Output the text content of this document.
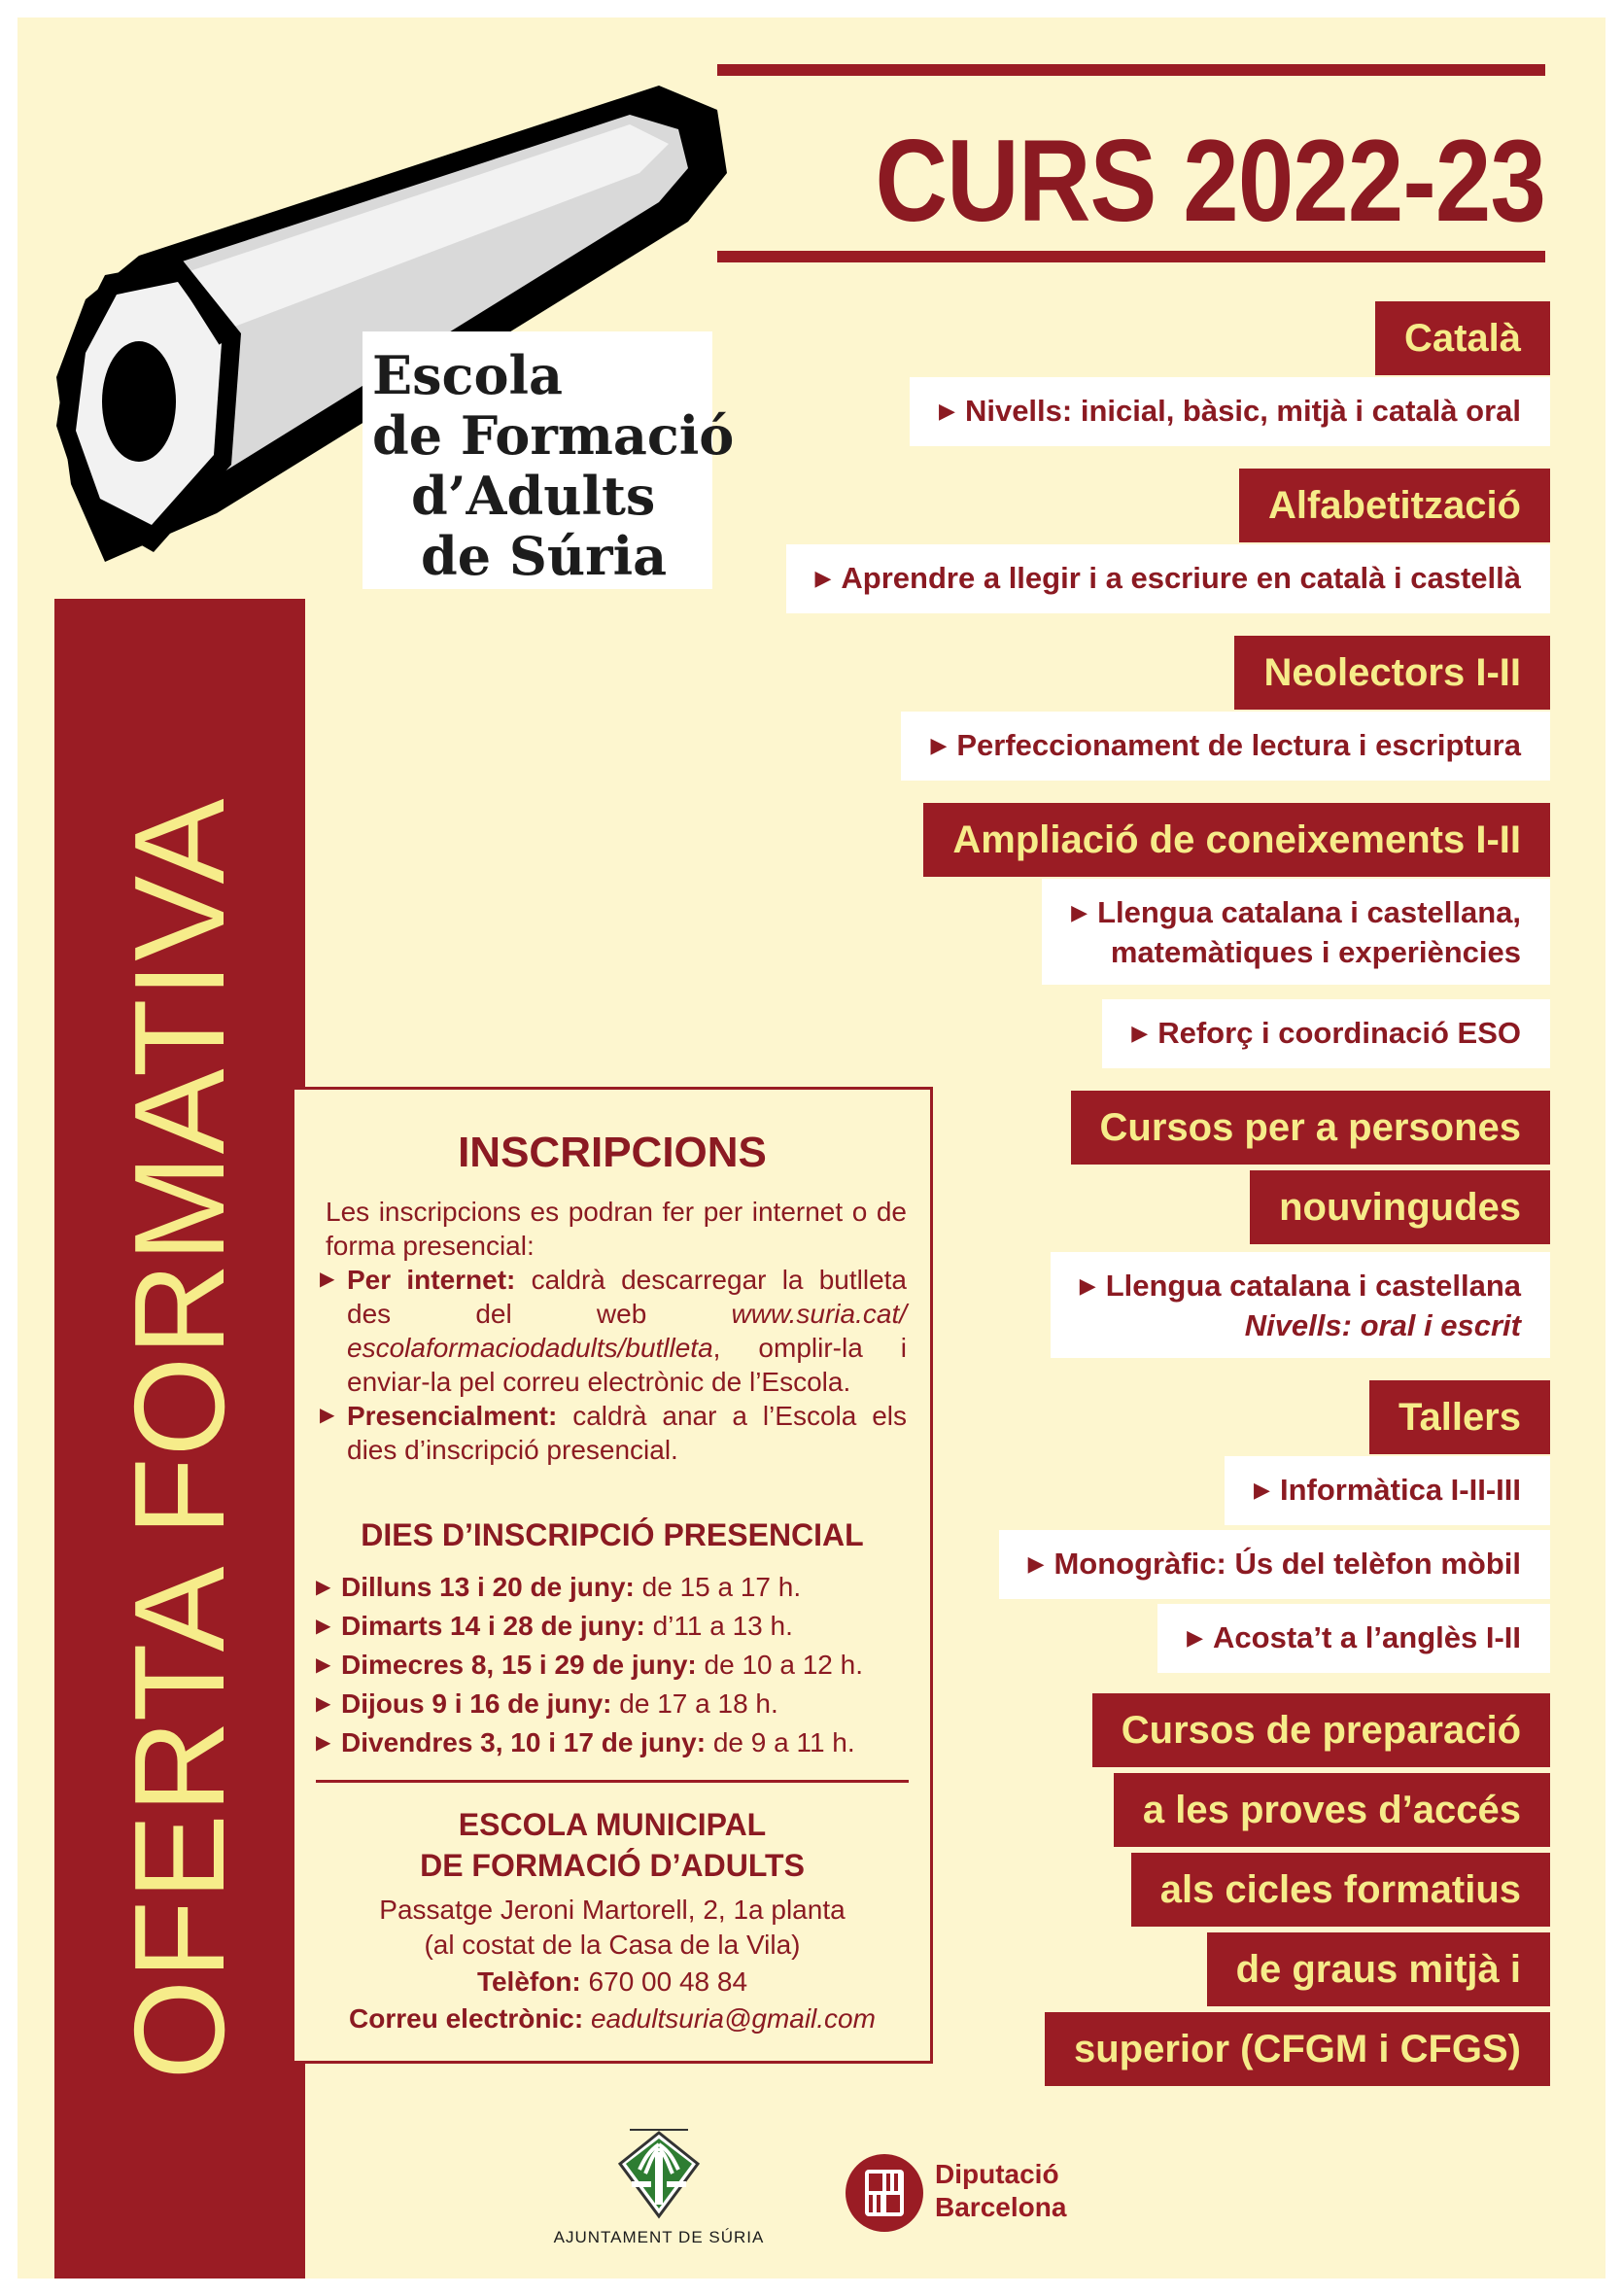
Escola
de Formació
d’Adults
de Súria
CURS 2022-23
Català
▶ Nivells: inicial, bàsic, mitjà i català oral
Alfabetització
▶ Aprendre a llegir i a escriure en català i castellà
Neolectors I-II
▶ Perfeccionament de lectura i escriptura
Ampliació de coneixements I-II
▶ Llengua catalana i castellana,
matemàtiques i experiències
▶ Reforç i coordinació ESO
Cursos per a persones
nouvingudes
▶ Llengua catalana i castellana
Nivells: oral i escrit
Tallers
▶ Informàtica I-II-III
▶ Monogràfic: Ús del telèfon mòbil
▶ Acosta’t a l’anglès I-II
Cursos de preparació
a les proves d’accés
als cicles formatius
de graus mitjà i
superior (CFGM i CFGS)
OFERTA FORMATIVA	INSCRIPCIONS
Les inscripcions es podran fer per internet o de forma presencial:
▶ Per internet: caldrà descarregar la butlleta des del web www.suria.cat/ escolaformaciodadults/butlleta, omplir-la i enviar-la pel correu electrònic de l’Escola.
▶ Presencialment: caldrà anar a l’Escola els dies d’inscripció presencial.
DIES D’INSCRIPCIÓ PRESENCIAL
▶ Dilluns 13 i 20 de juny: de 15 a 17 h.
▶ Dimarts 14 i 28 de juny: d’11 a 13 h.
▶ Dimecres 8, 15 i 29 de juny: de 10 a 12 h.
▶ Dijous 9 i 16 de juny: de 17 a 18 h.
▶ Divendres 3, 10 i 17 de juny: de 9 a 11 h.
ESCOLA MUNICIPAL
DE FORMACIÓ D’ADULTS
Passatge Jeroni Martorell, 2, 1a planta
(al costat de la Casa de la Vila)
Telèfon: 670 00 48 84
Correu electrònic: eadultsuria@gmail.com
AJUNTAMENT DE SÚRIA
Diputació
Barcelona
